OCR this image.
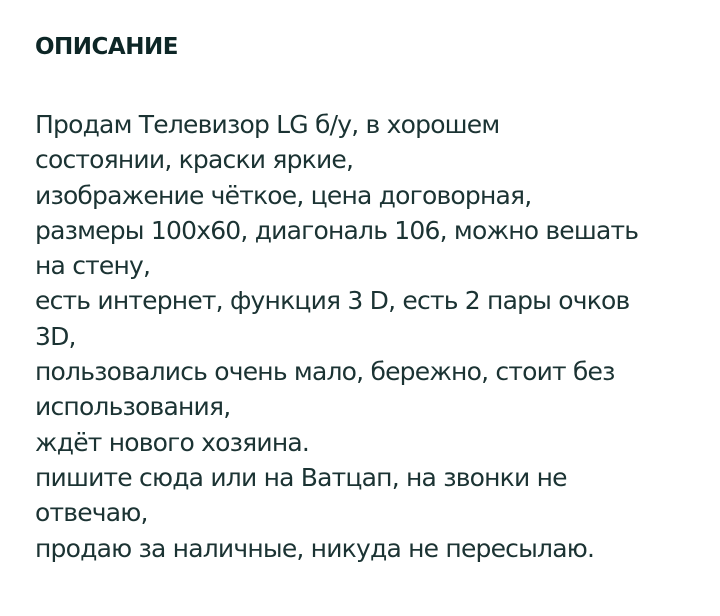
ОПИСАНИЕ
Продам Телевизор LG б/у, в хорошем
состоянии, краски яркие,
изображение чёткое, цена договорная,
размеры 100х60, диагональ 106, можно вешать
на стену,
есть интернет, функция 3 D, есть 2 пары очков
3D,
пользовались очень мало, бережно, стоит без
использования,
ждёт нового хозяина.
пишите сюда или на Ватцап, на звонки не
отвечаю,
продаю за наличные, никуда не пересылаю.
